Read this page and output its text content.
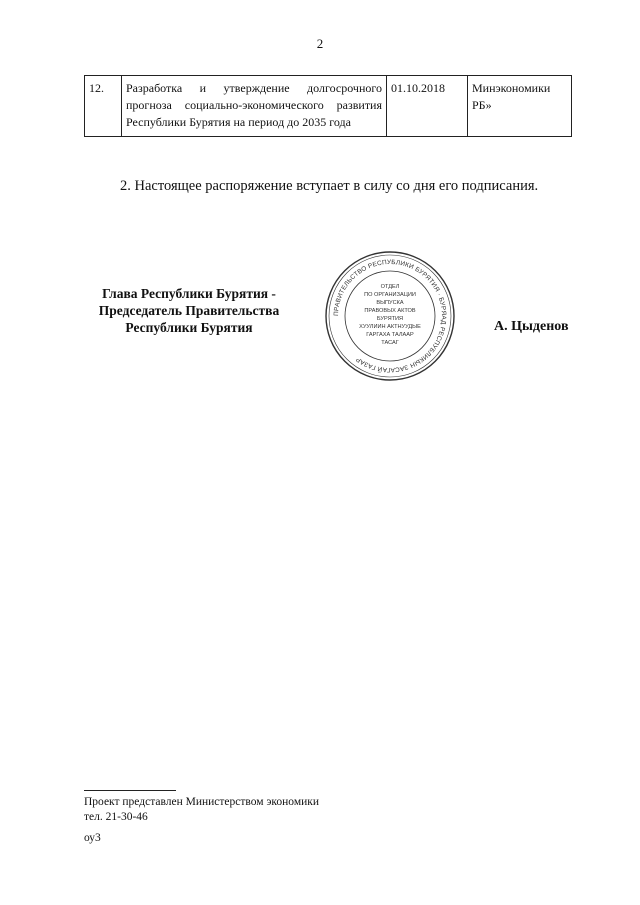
2
12.	Разработка и утверждение долгосрочного прогноза социально-экономического развития Республики Бурятия на период до 2035 года	01.10.2018	Минэкономики РБ»
2. Настоящее распоряжение вступает в силу со дня его подписания.
Глава Республики Бурятия -
Председатель Правительства
Республики Бурятия
ПРАВИТЕЛЬСТВО РЕСПУБЛИКИ БУРЯТИЯ · БУРЯАД РЕСПУБЛИКЫН ЗАСАГАЙ ГАЗАР
ОТДЕЛ
ПО ОРГАНИЗАЦИИ
ВЫПУСКА
ПРАВОВЫХ АКТОВ
БУРЯТИЯ
ХУУЛИИН АКТНУУДЫЕ
ГАРГАХА ТАЛААР
ТАСАГ
А. Цыденов
Проект представлен Министерством экономики
тел. 21-30-46
оу3
